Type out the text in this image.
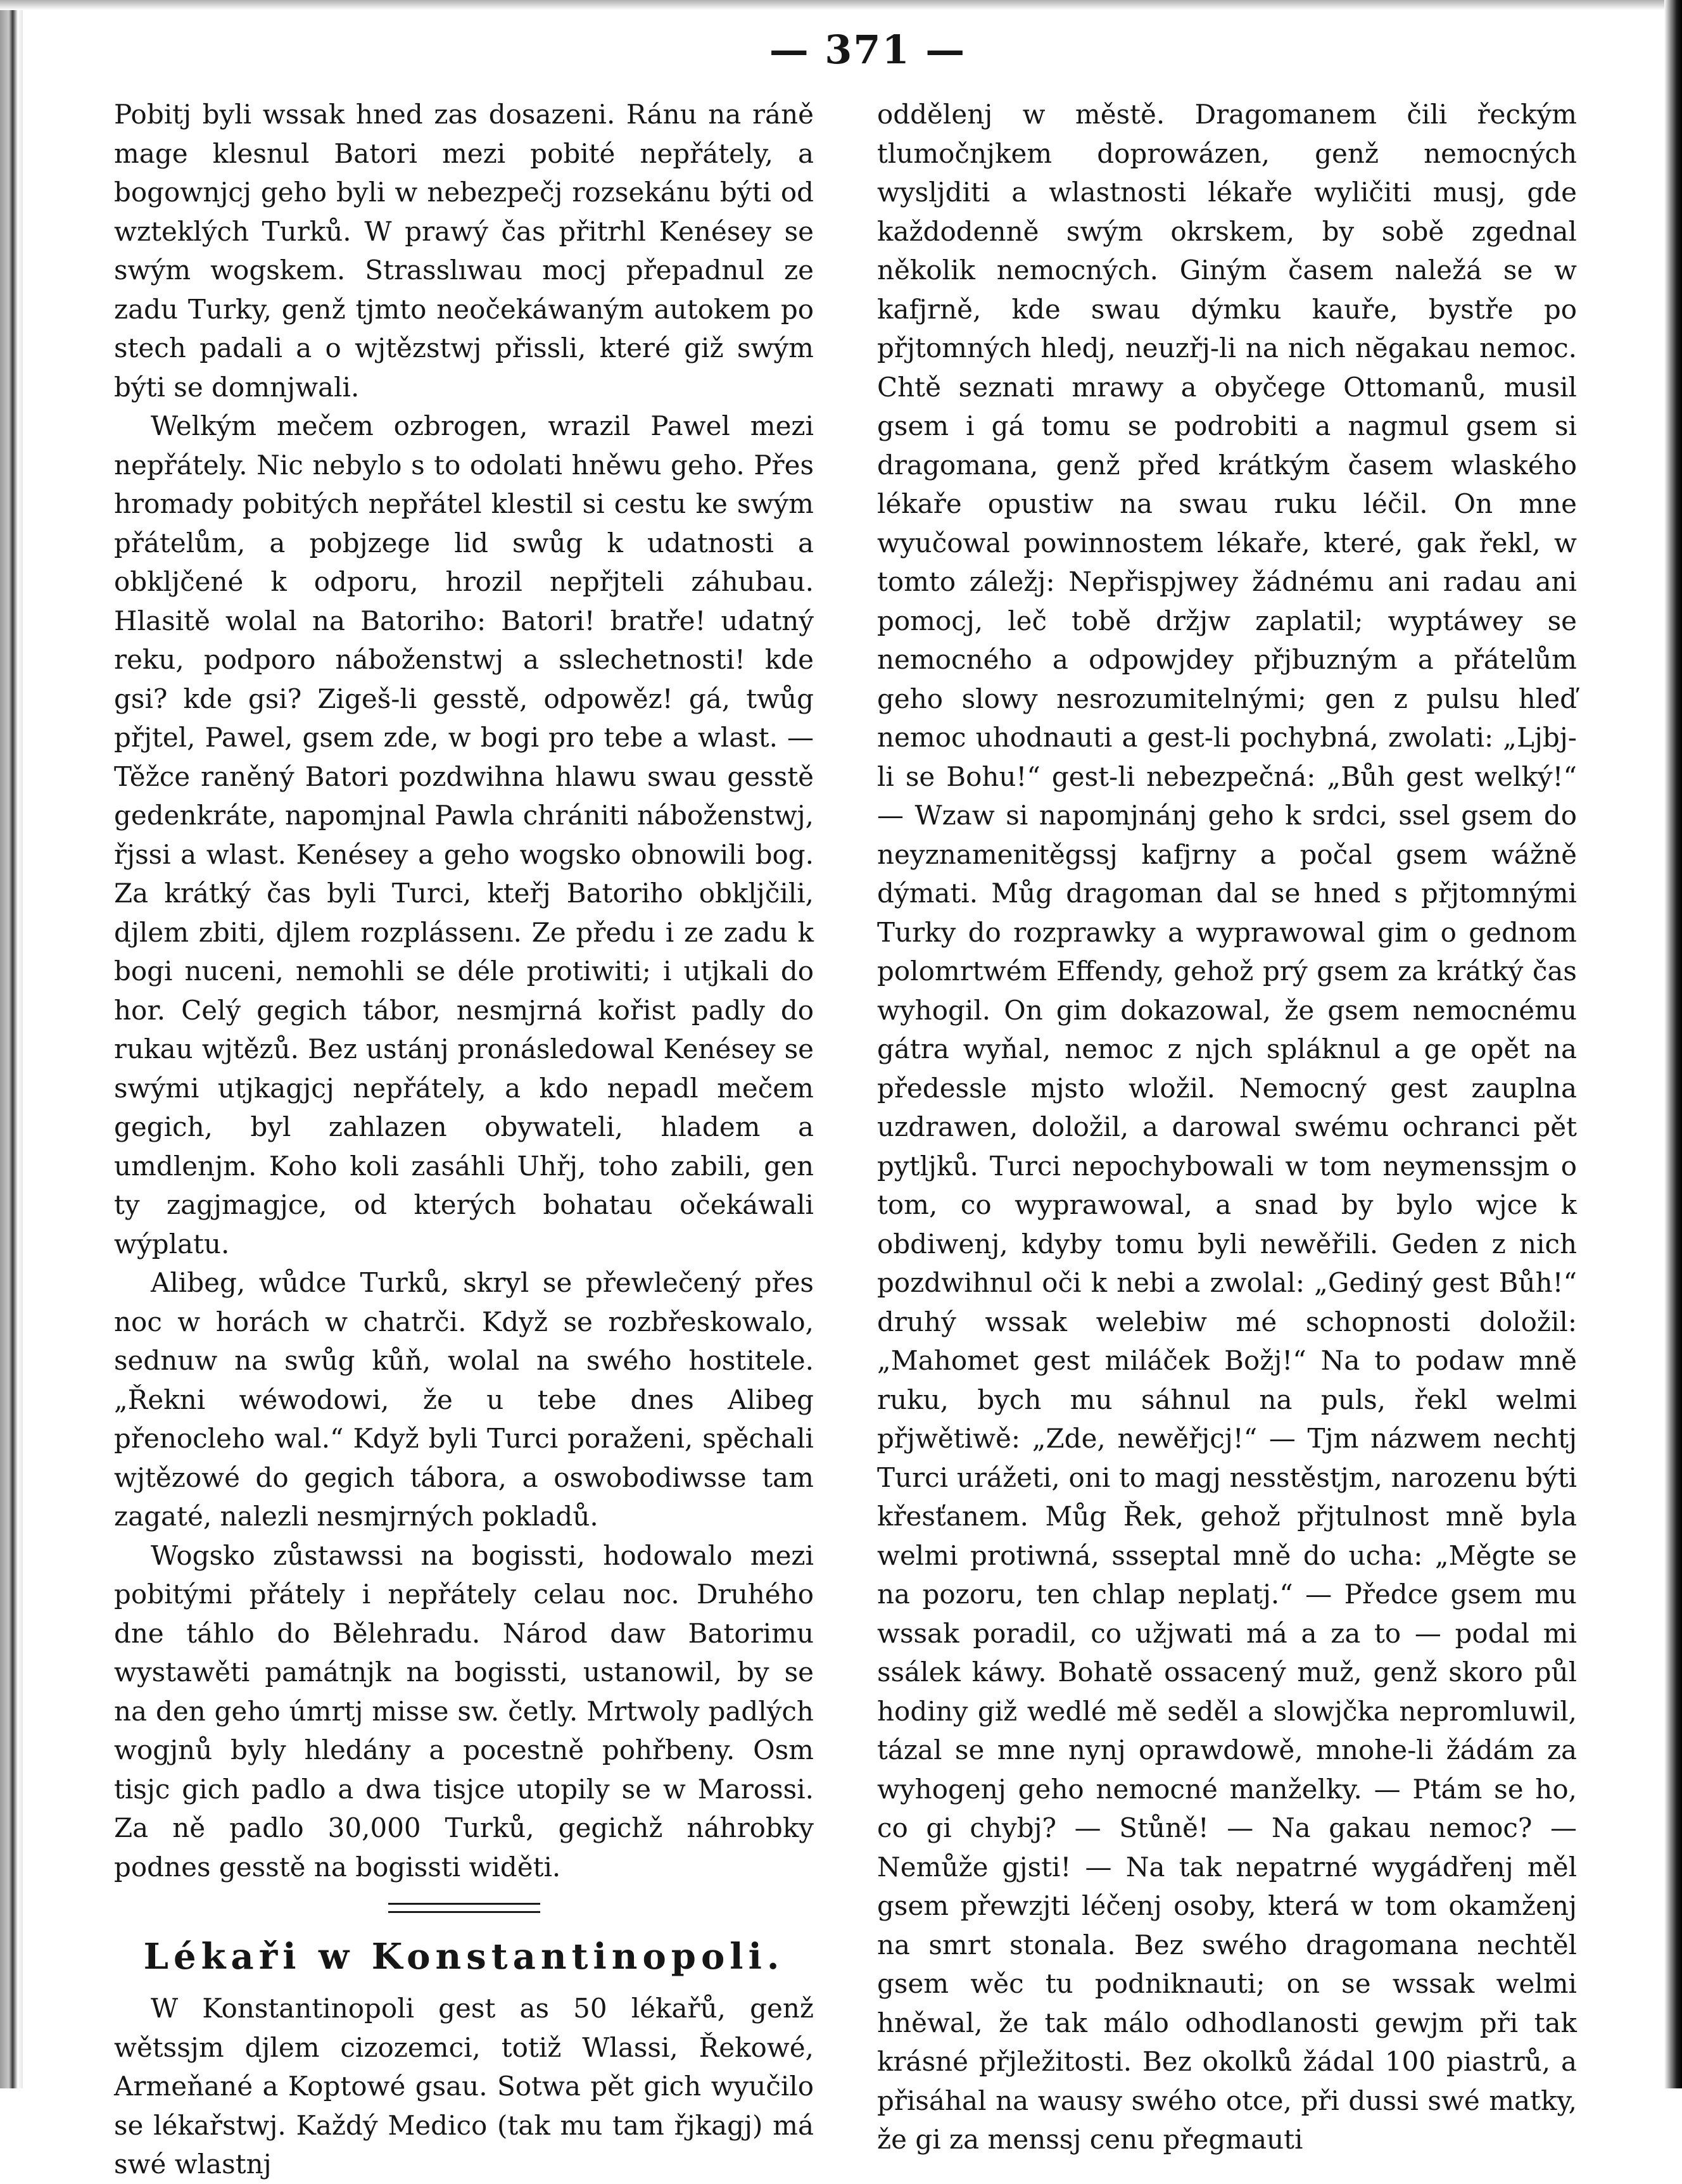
— 371 —

Pobitj byli wssak hned zas dosazeni. Ránu na ráně mage klesnul Batori mezi pobité nepřátely, a bogownjcj geho byli w nebezpečj rozsekánu býti od wzteklých Turků. W prawý čas přitrhl Kenésey se swým wogskem. Strasslıwau mocj přepadnul ze zadu Turky, genž tjmto neočekáwaným autokem po stech padali a o wjtězstwj přissli, které giž swým býti se domnjwali.

Welkým mečem ozbrogen, wrazil Pawel mezi nepřátely. Nic nebylo s to odolati hněwu geho. Přes hromady pobitých nepřátel klestil si cestu ke swým přátelům, a pobjzege lid swůg k udatnosti a obkljčené k odporu, hrozil nepřjteli záhubau. Hlasitě wolal na Batoriho: Batori! bratře! udatný reku, podporo náboženstwj a sslechetnosti! kde gsi? kde gsi? Zigeš-li gesstě, odpowěz! gá, twůg přjtel, Pawel, gsem zde, w bogi pro tebe a wlast. — Těžce raněný Batori pozdwihna hlawu swau gesstě gedenkráte, napomjnal Pawla chrániti náboženstwj, řjssi a wlast. Kenésey a geho wogsko obnowili bog. Za krátký čas byli Turci, kteřj Batoriho obkljčili, djlem zbiti, djlem rozplássenı. Ze předu i ze zadu k bogi nuceni, nemohli se déle protiwiti; i utjkali do hor. Celý gegich tábor, nesmjrná kořist padly do rukau wjtězů. Bez ustánj pronásledowal Kenésey se swými utjkagjcj nepřátely, a kdo nepadl mečem gegich, byl zahlazen obywateli, hladem a umdlenjm. Koho koli zasáhli Uhřj, toho zabili, gen ty zagjmagjce, od kterých bohatau očekáwali wýplatu.

Alibeg, wůdce Turků, skryl se přewlečený přes noc w horách w chatrči. Když se rozbřeskowalo, sednuw na swůg kůň, wolal na swého hostitele. „Řekni wéwodowi, že u tebe dnes Alibeg přenocleho wal.“ Když byli Turci poraženi, spěchali wjtězowé do gegich tábora, a oswobodiwsse tam zagaté, nalezli nesmjrných pokladů.

Wogsko zůstawssi na bogissti, hodowalo mezi pobitými přátely i nepřátely celau noc. Druhého dne táhlo do Bělehradu. Národ daw Batorimu wystawěti památnjk na bogissti, ustanowil, by se na den geho úmrtj misse sw. četly. Mrtwoly padlých wogjnů byly hledány a pocestně pohřbeny. Osm tisjc gich padlo a dwa tisjce utopily se w Marossi. Za ně padlo 30,000 Turků, gegichž náhrobky podnes gesstě na bogissti widěti.

Lékaři w Konstantinopoli.

W Konstantinopoli gest as 50 lékařů, genž wětssjm djlem cizozemci, totiž Wlassi, Řekowé, Armeňané a Koptowé gsau. Sotwa pět gich wyučilo se lékařstwj. Každý Medico (tak mu tam řjkagj) má swé wlastnj

oddělenj w městě. Dragomanem čili řeckým tlumočnjkem doprowázen, genž nemocných wysljditi a wlastnosti lékaře wyličiti musj, gde každodenně swým okrskem, by sobě zgednal několik nemocných. Giným časem naležá se w kafjrně, kde swau dýmku kauře, bystře po přjtomných hledj, neuzřj-li na nich nĕgakau nemoc. Chtě seznati mrawy a obyčege Ottomanů, musil gsem i gá tomu se podrobiti a nagmul gsem si dragomana, genž před krátkým časem wlaského lékaře opustiw na swau ruku léčil. On mne wyučowal powinnostem lékaře, které, gak řekl, w tomto záležj: Nepřispjwey žádnému ani radau ani pomocj, leč tobě držjw zaplatil; wyptáwey se nemocného a odpowjdey přjbuzným a přátelům geho slowy nesrozumitelnými; gen z pulsu hleď nemoc uhodnauti a gest-li pochybná, zwolati: „Ljbj-li se Bohu!“ gest-li nebezpečná: „Bůh gest welký!“ — Wzaw si napomjnánj geho k srdci, ssel gsem do neyznamenitěgssj kafjrny a počal gsem wážně dýmati. Můg dragoman dal se hned s přjtomnými Turky do rozprawky a wyprawowal gim o gednom polomrtwém Effendy, gehož prý gsem za krátký čas wyhogil. On gim dokazowal, že gsem nemocnému gátra wyňal, nemoc z njch spláknul a ge opět na předessle mjsto wložil. Nemocný gest zauplna uzdrawen, doložil, a darowal swému ochranci pět pytljků. Turci nepochybowali w tom neymenssjm o tom, co wyprawowal, a snad by bylo wjce k obdiwenj, kdyby tomu byli newěřili. Geden z nich pozdwihnul oči k nebi a zwolal: „Gediný gest Bůh!“ druhý wssak welebiw mé schopnosti doložil: „Mahomet gest miláček Božj!“ Na to podaw mně ruku, bych mu sáhnul na puls, řekl welmi přjwětiwě: „Zde, newěřjcj!“ — Tjm názwem nechtj Turci urážeti, oni to magj nesstěstjm, narozenu býti křesťanem. Můg Řek, gehož přjtulnost mně byla welmi protiwná, ssseptal mně do ucha: „Měgte se na pozoru, ten chlap neplatj.“ — Předce gsem mu wssak poradil, co užjwati má a za to — podal mi ssálek káwy. Bohatě ossacený muž, genž skoro půl hodiny giž wedlé mě seděl a slowjčka nepromluwil, tázal se mne nynj oprawdowě, mnohe-li žádám za wyhogenj geho nemocné manželky. — Ptám se ho, co gi chybj? — Stůně! — Na gakau nemoc? — Nemůže gjsti! — Na tak nepatrné wygádřenj měl gsem přewzjti léčenj osoby, která w tom okamženj na smrt stonala. Bez swého dragomana nechtěl gsem wěc tu podniknauti; on se wssak welmi hněwal, že tak málo odhodlanosti gewjm při tak krásné přjležitosti. Bez okolků žádal 100 piastrů, a přisáhal na wausy swého otce, při dussi swé matky, že gi za menssj cenu přegmauti
